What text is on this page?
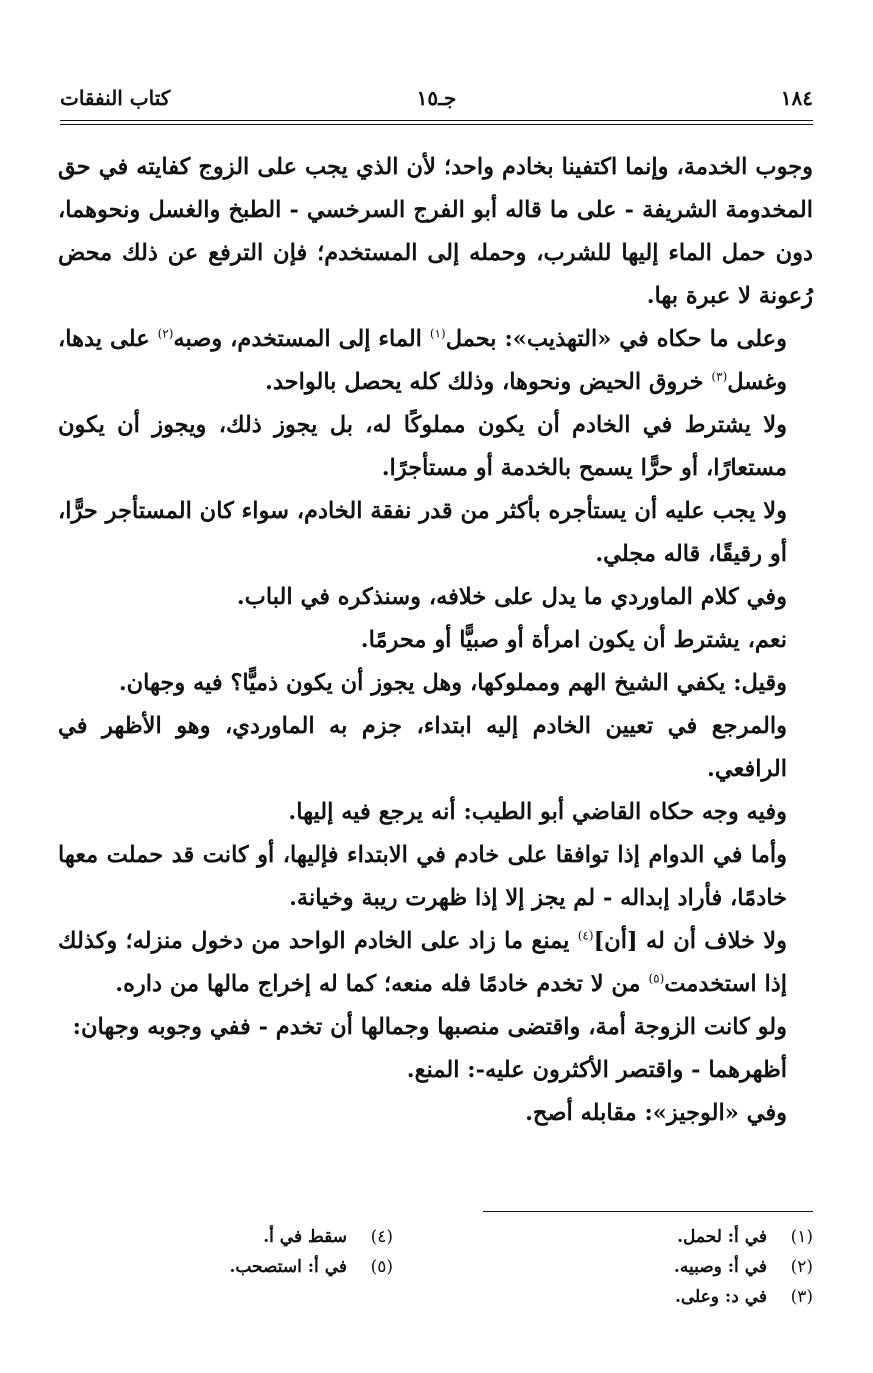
١٨٤
جـ١٥
كتاب النفقات

وجوب الخدمة، وإنما اكتفينا بخادم واحد؛ لأن الذي يجب على الزوج كفايته في حق المخدومة الشريفة - على ما قاله أبو الفرج السرخسي - الطبخ والغسل ونحوهما، دون حمل الماء إليها للشرب، وحمله إلى المستخدم؛ فإن الترفع عن ذلك محض رُعونة لا عبرة بها.

وعلى ما حكاه في «التهذيب»: بحمل$^{(١)}$ الماء إلى المستخدم، وصبه$^{(٢)}$ على يدها، وغسل$^{(٣)}$ خروق الحيض ونحوها، وذلك كله يحصل بالواحد.

ولا يشترط في الخادم أن يكون مملوكًا له، بل يجوز ذلك، ويجوز أن يكون مستعارًا، أو حرًّا يسمح بالخدمة أو مستأجرًا.

ولا يجب عليه أن يستأجره بأكثر من قدر نفقة الخادم، سواء كان المستأجر حرًّا، أو رقيقًا، قاله مجلي.

وفي كلام الماوردي ما يدل على خلافه، وسنذكره في الباب.

نعم، يشترط أن يكون امرأة أو صبيًّا أو محرمًا.

وقيل: يكفي الشيخ الهم ومملوكها، وهل يجوز أن يكون ذميًّا؟ فيه وجهان.

والمرجع في تعيين الخادم إليه ابتداء، جزم به الماوردي، وهو الأظهر في الرافعي.

وفيه وجه حكاه القاضي أبو الطيب: أنه يرجع فيه إليها.

وأما في الدوام إذا توافقا على خادم في الابتداء فإليها، أو كانت قد حملت معها خادمًا، فأراد إبداله - لم يجز إلا إذا ظهرت ريبة وخيانة.

ولا خلاف أن له [أن]$^{(٤)}$ يمنع ما زاد على الخادم الواحد من دخول منزله؛ وكذلك إذا استخدمت$^{(٥)}$ من لا تخدم خادمًا فله منعه؛ كما له إخراج مالها من داره.

ولو كانت الزوجة أمة، واقتضى منصبها وجمالها أن تخدم - ففي وجوبه وجهان:

أظهرهما - واقتصر الأكثرون عليه-: المنع.

وفي «الوجيز»: مقابله أصح.

(١)
في أ: لحمل.
(٢)
في أ: وصبيه.
(٣)
في د: وعلى.
(٤)
سقط في أ.
(٥)
في أ: استصحب.
